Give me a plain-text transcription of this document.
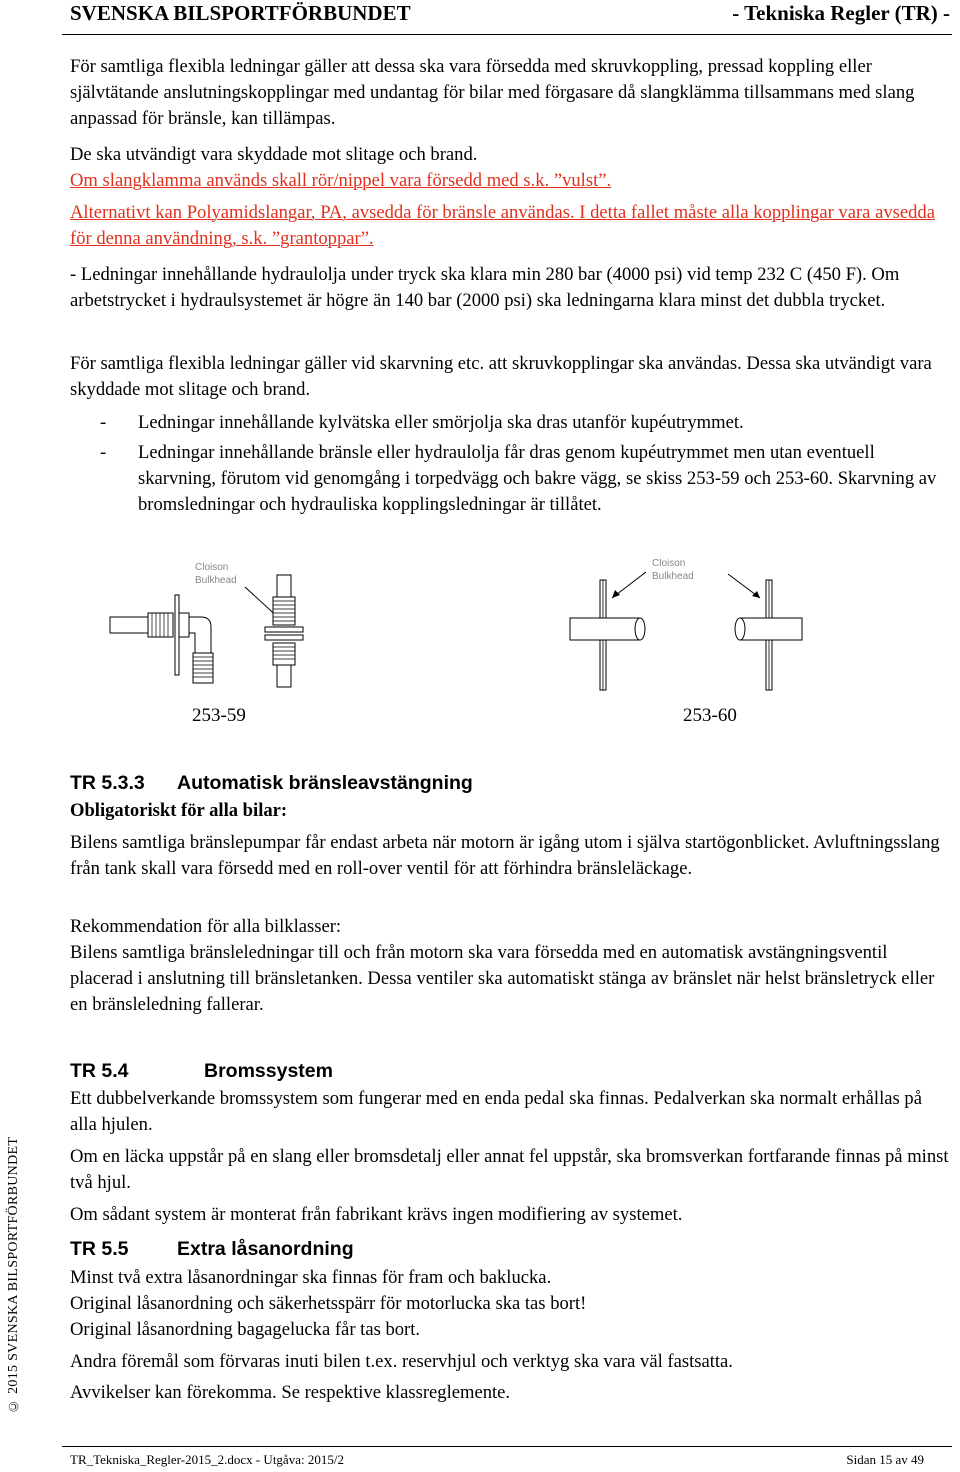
SVENSKA BILSPORTFÖRBUNDET	- Tekniska Regler (TR) -

För samtliga flexibla ledningar gäller att dessa ska vara försedda med skruvkoppling, pressad koppling eller självtätande anslutningskopplingar med undantag för bilar med förgasare då slangklämma tillsammans med slang anpassad för bränsle, kan tillämpas.

De ska utvändigt vara skyddade mot slitage och brand.

Om slangklamma används skall rör/nippel vara försedd med s.k. ”vulst”.

Alternativt kan Polyamidslangar, PA, avsedda för bränsle användas. I detta fallet måste alla kopplingar vara avsedda för denna användning, s.k. ”grantoppar”.

- Ledningar innehållande hydraulolja under tryck ska klara min 280 bar (4000 psi) vid temp 232 C (450 F). Om arbetstrycket i hydraulsystemet är högre än 140 bar (2000 psi) ska ledningarna klara minst det dubbla trycket.

För samtliga flexibla ledningar gäller vid skarvning etc. att skruvkopplingar ska användas. Dessa ska utvändigt vara skyddade mot slitage och brand.

- Ledningar innehållande kylvätska eller smörjolja ska dras utanför kupéutrymmet.

- Ledningar innehållande bränsle eller hydraulolja får dras genom kupéutrymmet men utan eventuell skarvning, förutom vid genomgång i torpedvägg och bakre vägg, se skiss 253-59 och 253-60. Skarvning av bromsledningar och hydrauliska kopplingsledningar är tillåtet.

Cloison
Bulkhead
253-59
Cloison
Bulkhead
253-60
TR 5.3.3 Automatisk bränsleavstängning
Obligatoriskt för alla bilar:

Bilens samtliga bränslepumpar får endast arbeta när motorn är igång utom i själva startögonblicket. Avluftningsslang från tank skall vara försedd med en roll-over ventil för att förhindra bränsleläckage.

Rekommendation för alla bilklasser:

Bilens samtliga bränsleledningar till och från motorn ska vara försedda med en automatisk avstängningsventil placerad i anslutning till bränsletanken. Dessa ventiler ska automatiskt stänga av bränslet när helst bränsletryck eller en bränsleledning fallerar.

TR 5.4	Bromssystem

Ett dubbelverkande bromssystem som fungerar med en enda pedal ska finnas. Pedalverkan ska normalt erhållas på alla hjulen.

Om en läcka uppstår på en slang eller bromsdetalj eller annat fel uppstår, ska bromsverkan fortfarande finnas på minst två hjul.

Om sådant system är monterat från fabrikant krävs ingen modifiering av systemet.

TR 5.5 Extra låsanordning

Minst två extra låsanordningar ska finnas för fram och baklucka.

Original låsanordning och säkerhetsspärr för motorlucka ska tas bort!

Original låsanordning bagagelucka får tas bort.

Andra föremål som förvaras inuti bilen t.ex. reservhjul och verktyg ska vara väl fastsatta.

Avvikelser kan förekomma. Se respektive klassreglemente.

© 2015 SVENSKA BILSPORTFÖRBUNDET
TR_Tekniska_Regler-2015_2.docx - Utgåva: 2015/2	Sidan 15 av 49
